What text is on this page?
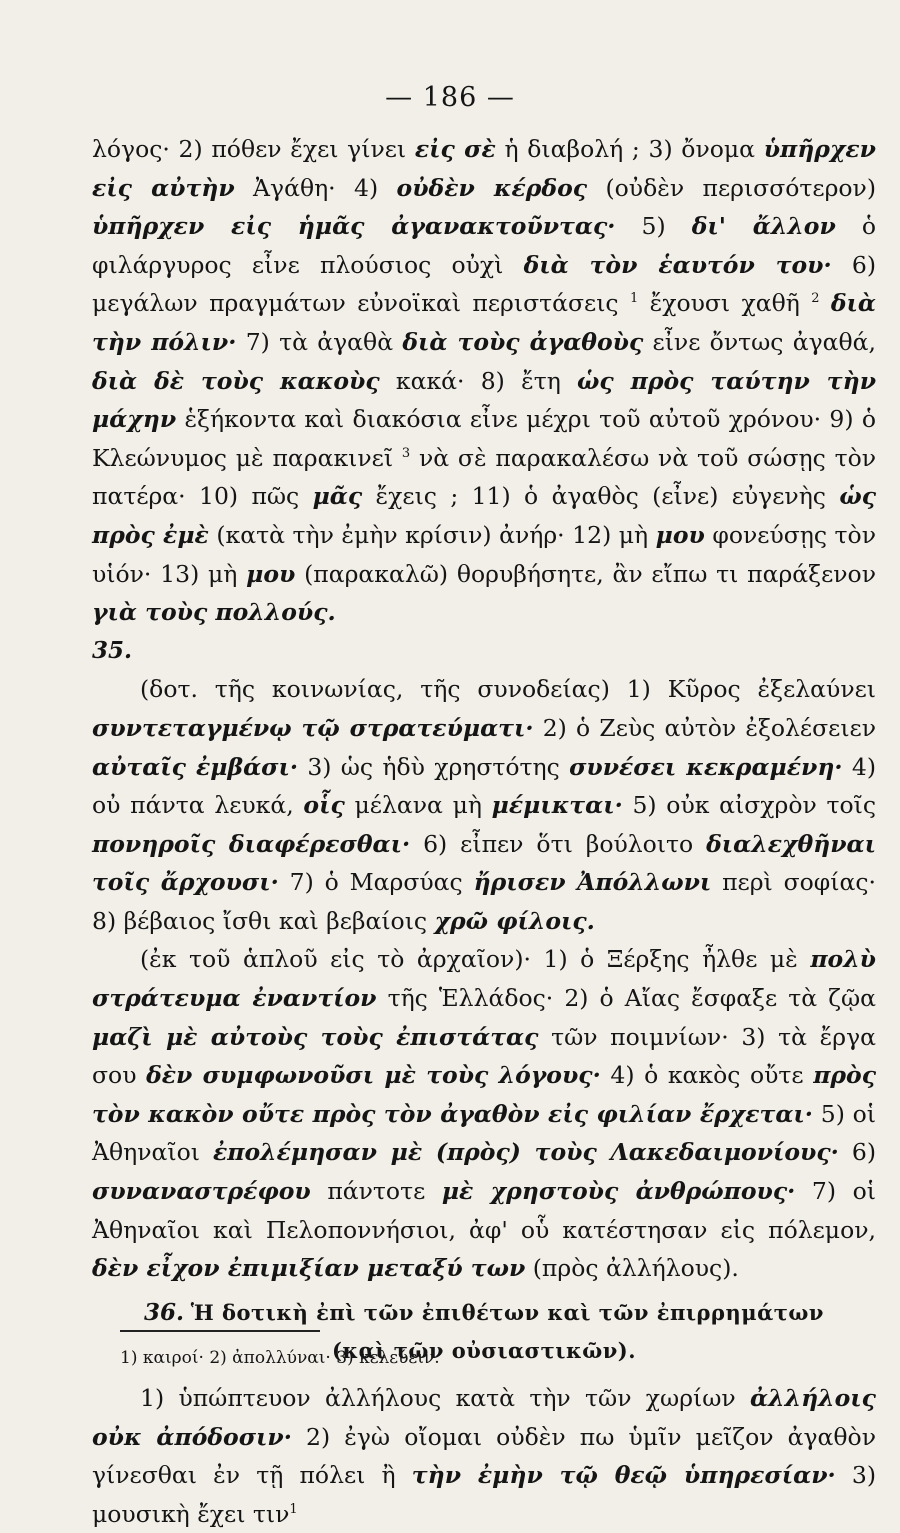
— 186 —

λόγος· 2) πόθεν ἔχει γίνει εἰς σὲ ἡ διαβολή ; 3) ὄνομα ὑπῆρχεν εἰς αὐτὴν Ἀγάθη· 4) οὐδὲν κέρδος (οὐδὲν περισσότερον) ὑπῆρχεν εἰς ἡμᾶς ἀγανακτοῦντας· 5) δι' ἄλλον ὁ φιλάργυρος εἶνε πλούσιος οὐχὶ διὰ τὸν ἑαυτόν του· 6) μεγάλων πραγμάτων εὐνοϊκαὶ περιστάσεις $^1$ ἔχουσι χαθῆ $^2$ διὰ τὴν πόλιν· 7) τὰ ἀγαθὰ διὰ τοὺς ἀγαθοὺς εἶνε ὄντως ἀγαθά, διὰ δὲ τοὺς κακοὺς κακά· 8) ἔτη ὡς πρὸς ταύτην τὴν μάχην ἑξήκοντα καὶ διακόσια εἶνε μέχρι τοῦ αὐτοῦ χρόνου· 9) ὁ Κλεώνυμος μὲ παρακινεῖ $^3$ νὰ σὲ παρακαλέσω νὰ τοῦ σώσῃς τὸν πατέρα· 10) πῶς μᾶς ἔχεις ; 11) ὁ ἀγαθὸς (εἶνε) εὐγενὴς ὡς πρὸς ἐμὲ (κατὰ τὴν ἐμὴν κρίσιν) ἀνήρ· 12) μὴ μου φονεύσῃς τὸν υἱόν· 13) μὴ μου (παρακαλῶ) θορυβήσητε, ἂν εἴπω τι παράξενον γιὰ τοὺς πολλούς.

35.

(δοτ. τῆς κοινωνίας, τῆς συνοδείας) 1) Κῦρος ἐξελαύνει συντεταγμένῳ τῷ στρατεύματι· 2) ὁ Ζεὺς αὐτὸν ἐξολέσειεν αὐταῖς ἐμβάσι· 3) ὡς ἡδὺ χρηστότης συνέσει κεκραμένη· 4) οὐ πάντα λευκά, οἷς μέλανα μὴ μέμικται· 5) οὐκ αἰσχρὸν τοῖς πονηροῖς διαφέρεσθαι· 6) εἶπεν ὅτι βούλοιτο διαλεχθῆναι τοῖς ἄρχουσι· 7) ὁ Μαρσύας ἤρισεν Ἀπόλλωνι περὶ σοφίας· 8) βέβαιος ἴσθι καὶ βεβαίοις χρῶ φίλοις.

(ἐκ τοῦ ἁπλοῦ εἰς τὸ ἀρχαῖον)· 1) ὁ Ξέρξης ἦλθε μὲ πολὺ στράτευμα ἐναντίον τῆς Ἑλλάδος· 2) ὁ Αἴας ἔσφαξε τὰ ζῷα μαζὶ μὲ αὐτοὺς τοὺς ἐπιστάτας τῶν ποιμνίων· 3) τὰ ἔργα σου δὲν συμφωνοῦσι μὲ τοὺς λόγους· 4) ὁ κακὸς οὔτε πρὸς τὸν κακὸν οὔτε πρὸς τὸν ἀγαθὸν εἰς φιλίαν ἔρχεται· 5) οἱ Ἀθηναῖοι ἐπολέμησαν μὲ (πρὸς) τοὺς Λακεδαιμονίους· 6) συναναστρέφου πάντοτε μὲ χρηστοὺς ἀνθρώπους· 7) οἱ Ἀθηναῖοι καὶ Πελοποννήσιοι, ἀφ' οὗ κατέστησαν εἰς πόλεμον, δὲν εἶχον ἐπιμιξίαν μεταξύ των (πρὸς ἀλλήλους).

36. Ἡ δοτικὴ ἐπὶ τῶν ἐπιθέτων καὶ τῶν ἐπιρρημάτων
(καὶ τῶν οὐσιαστικῶν).

1) ὑπώπτευον ἀλλήλους κατὰ τὴν τῶν χωρίων ἀλλήλοις οὐκ ἀπόδοσιν· 2) ἐγὼ οἴομαι οὐδὲν πω ὑμῖν μεῖζον ἀγαθὸν γίνεσθαι ἐν τῇ πόλει ἢ τὴν ἐμὴν τῷ θεῷ ὑπηρεσίαν· 3) μουσικὴ ἔχει τιν$^1$

1) καιροί· 2) ἀπολλύναι· 3) κελεύειν.
